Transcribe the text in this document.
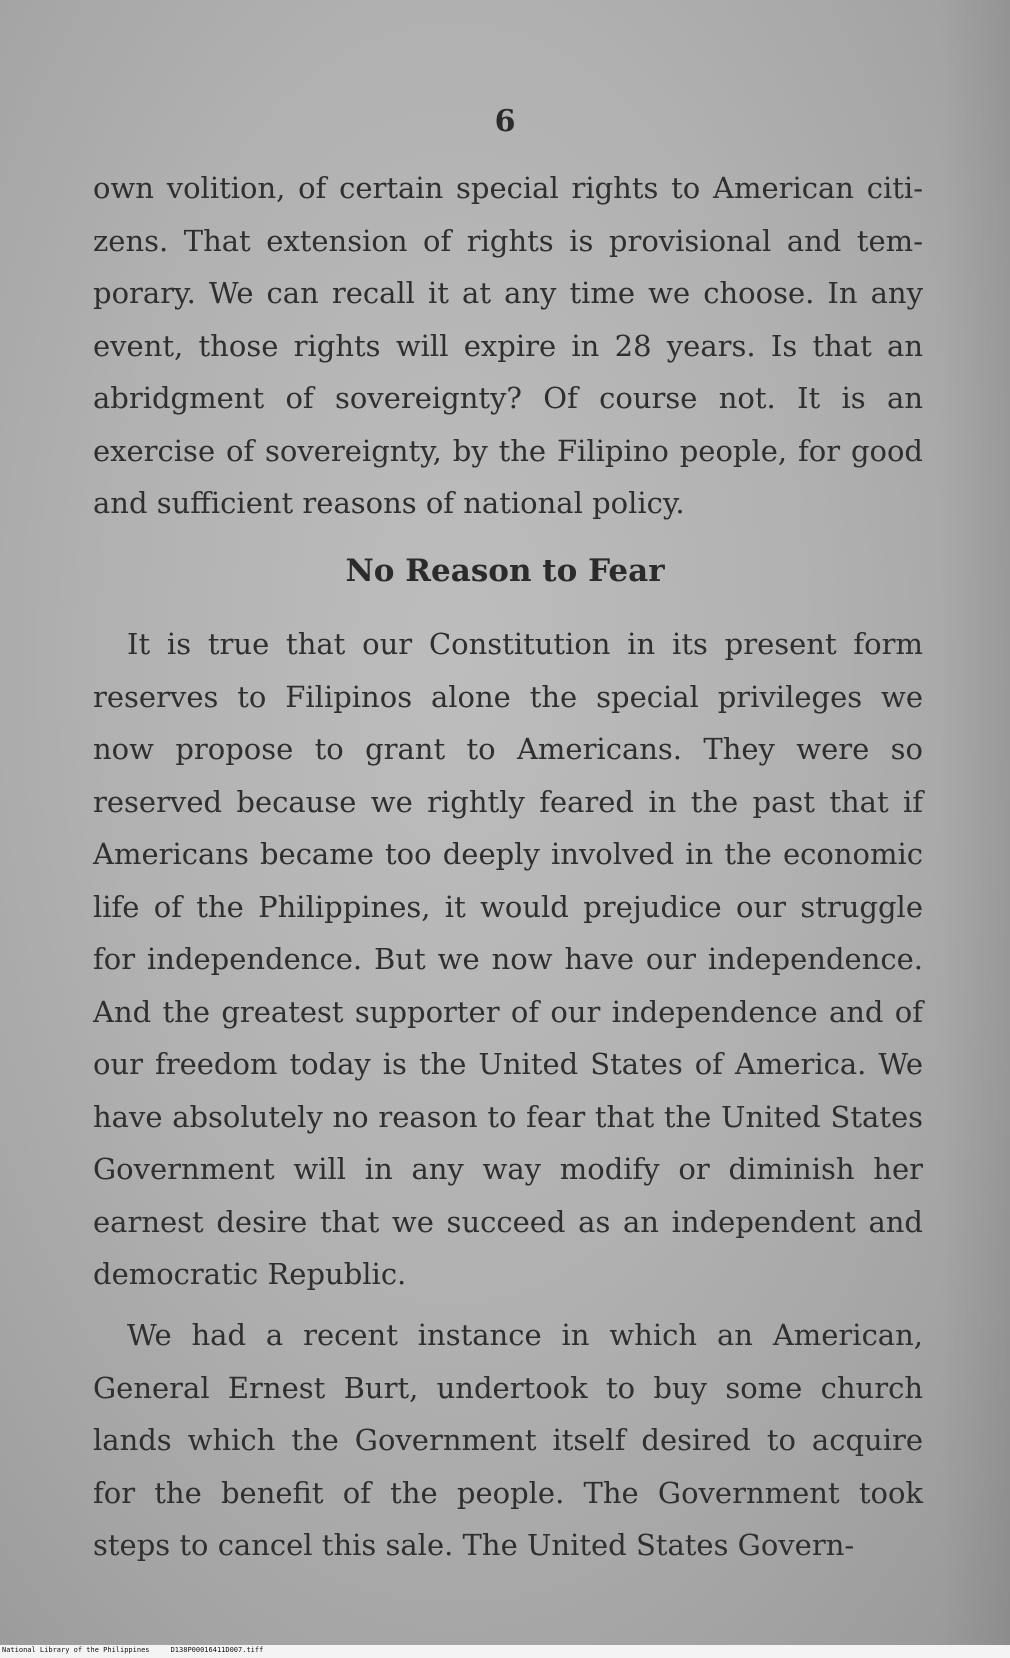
6

own volition, of certain special rights to American citizens. That extension of rights is provisional and temporary. We can recall it at any time we choose. In any event, those rights will expire in 28 years. Is that an abridgment of sovereignty? Of course not. It is an exercise of sovereignty, by the Filipino people, for good and sufficient reasons of national policy.

No Reason to Fear

It is true that our Constitution in its present form reserves to Filipinos alone the special privileges we now propose to grant to Americans. They were so reserved because we rightly feared in the past that if Americans became too deeply involved in the economic life of the Philippines, it would prejudice our struggle for independence. But we now have our independence. And the greatest supporter of our independence and of our freedom today is the United States of America. We have absolutely no reason to fear that the United States Government will in any way modify or diminish her earnest desire that we succeed as an independent and democratic Republic.

We had a recent instance in which an American, General Ernest Burt, undertook to buy some church lands which the Government itself desired to acquire for the benefit of the people. The Government took steps to cancel this sale. The United States Govern-

National Library of the Philippines	D138P00016411D007.tiff
